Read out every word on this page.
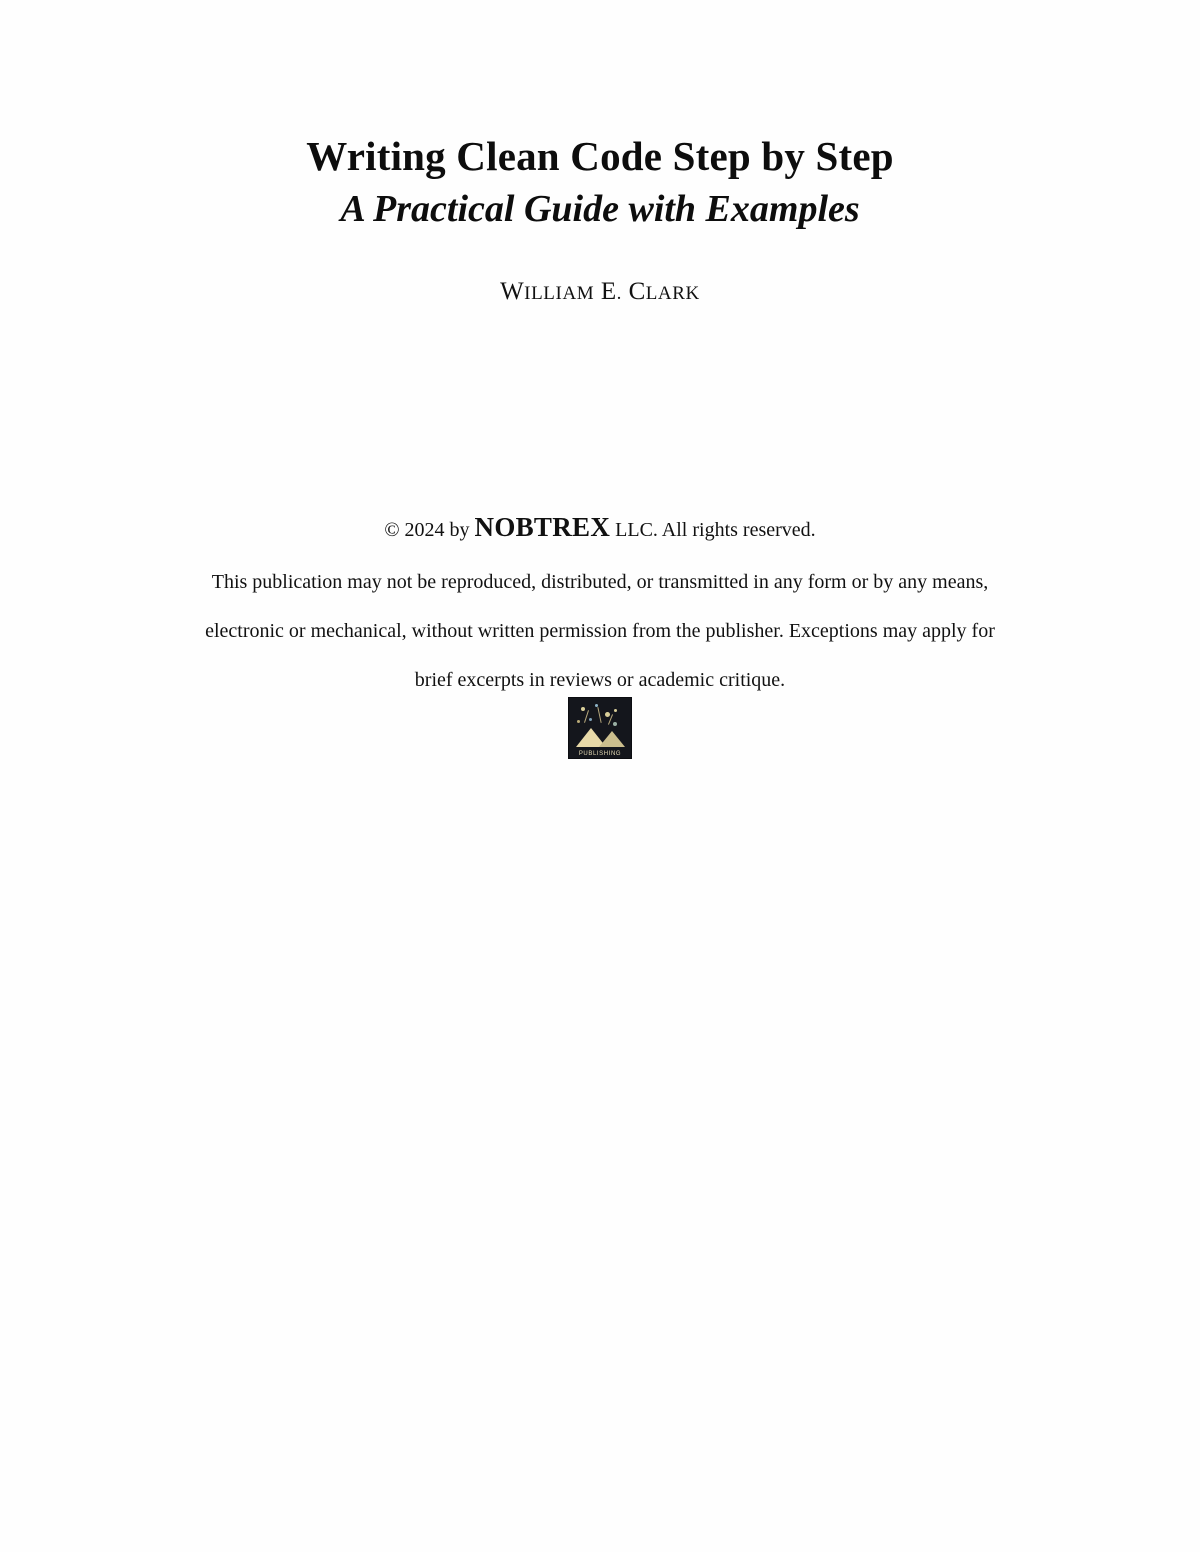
Writing Clean Code Step by Step
A Practical Guide with Examples
WILLIAM E. CLARK
© 2024 by NOBTREX LLC. All rights reserved.
This publication may not be reproduced, distributed, or transmitted in any form or by any means, electronic or mechanical, without written permission from the publisher. Exceptions may apply for brief excerpts in reviews or academic critique.
PUBLISHING
